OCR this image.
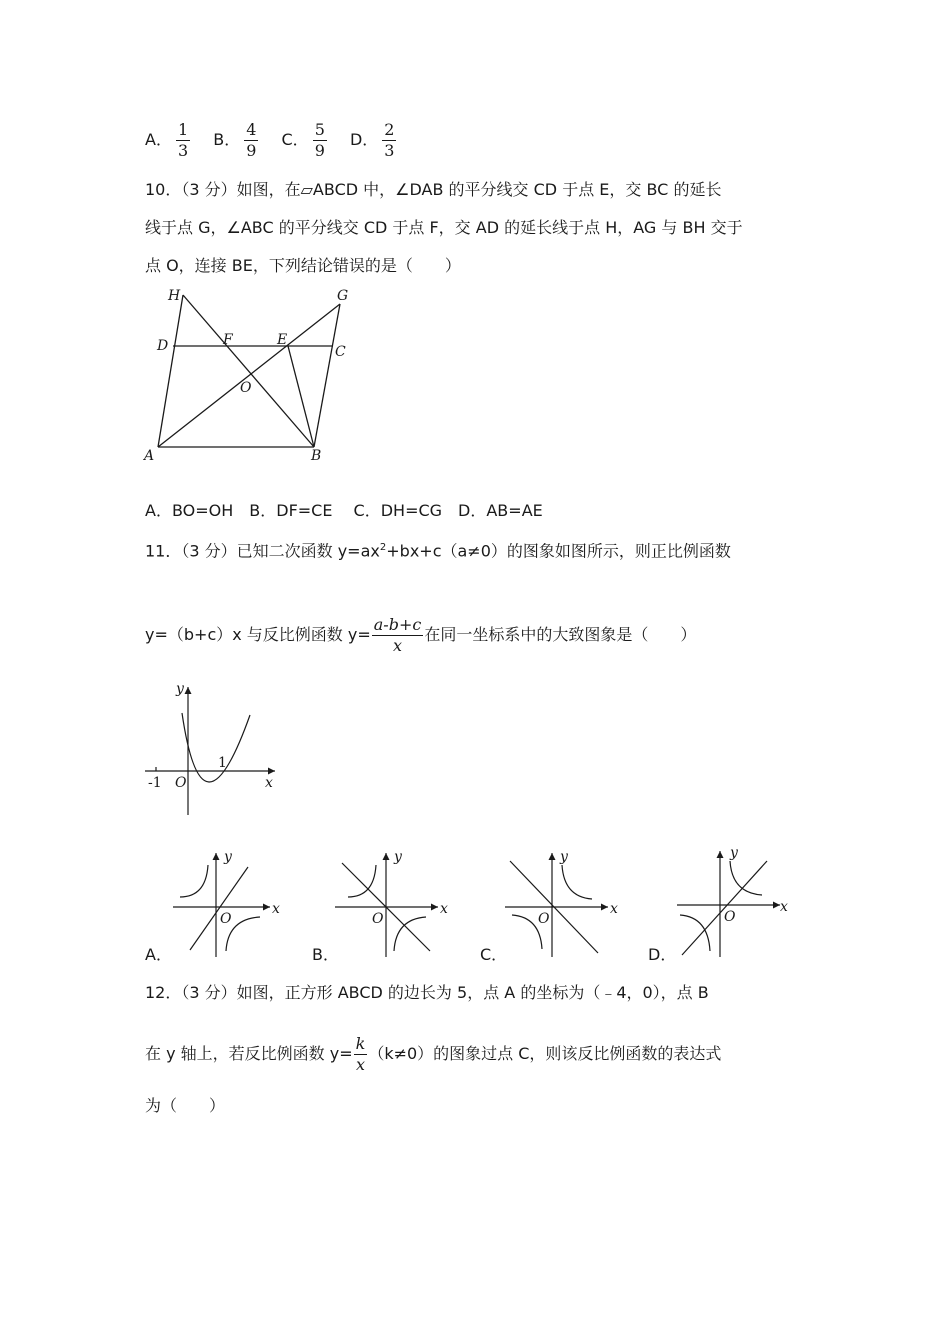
A． $\frac{1}{3}$ B． $\frac{4}{9}$ C． $\frac{5}{9}$ D． $\frac{2}{3}$
10．（3 分）如图，在▱ABCD 中，∠DAB 的平分线交 CD 于点 E，交 BC 的延长
线于点 G，∠ABC 的平分线交 CD 于点 F，交 AD 的延长线于点 H，AG 与 BH 交于
点 O，连接 BE，下列结论错误的是（　　）
H	G
D	F	E
C
O
A	B
A．BO=OH　B．DF=CE　 C．DH=CG　D．AB=AE
11．（3 分）已知二次函数 $y=ax^2+bx+c(a\ne 0)$的图象如图所示，则正比例函数
y=（b+c）x 与反比例函数 $y= \frac{a-b+c}{x}$ 在同一坐标系中的大致图象是（　　）
y
x
-1 O
1
A．
y
x
O
B．
y
x
O
C．
y
x
O
D．
y
x
O
12．（3 分）如图，正方形 ABCD 的边长为 5，点 A 的坐标为（﹣4，0），点 B
在 y 轴上，若反比例函数 $y= \frac{k}{x} (k\ne 0)$的图象过点 C，则该反比例函数的表达式
为（　　）
